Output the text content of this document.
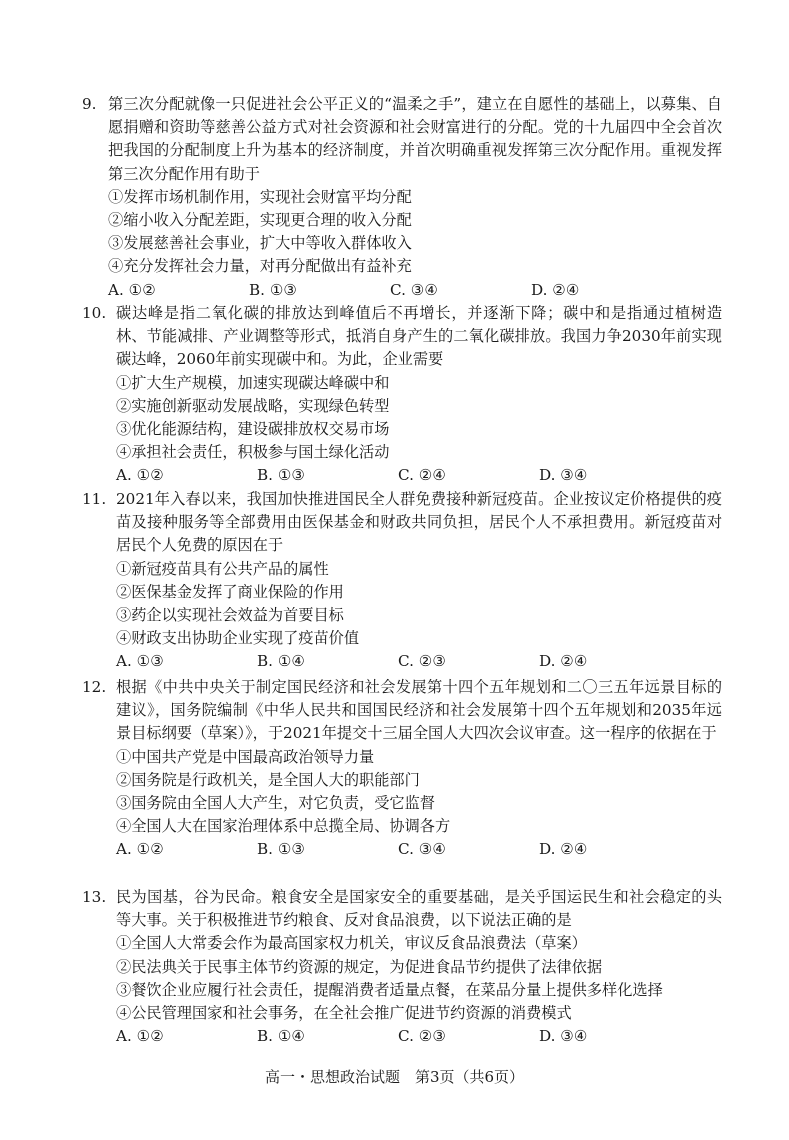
9. 第三次分配就像一只促进社会公平正义的“温柔之手”，建立在自愿性的基础上，以募集、自愿捐赠和资助等慈善公益方式对社会资源和社会财富进行的分配。党的十九届四中全会首次把我国的分配制度上升为基本的经济制度，并首次明确重视发挥第三次分配作用。重视发挥第三次分配作用有助于
①发挥市场机制作用，实现社会财富平均分配
②缩小收入分配差距，实现更合理的收入分配
③发展慈善社会事业，扩大中等收入群体收入
④充分发挥社会力量，对再分配做出有益补充
A. ①②	B. ①③	C. ③④	D. ②④
10. 碳达峰是指二氧化碳的排放达到峰值后不再增长，并逐渐下降；碳中和是指通过植树造林、节能减排、产业调整等形式，抵消自身产生的二氧化碳排放。我国力争2030年前实现碳达峰，2060年前实现碳中和。为此，企业需要
①扩大生产规模，加速实现碳达峰碳中和
②实施创新驱动发展战略，实现绿色转型
③优化能源结构，建设碳排放权交易市场
④承担社会责任，积极参与国土绿化活动
A. ①②	B. ①③	C. ②④	D. ③④
11. 2021年入春以来，我国加快推进国民全人群免费接种新冠疫苗。企业按议定价格提供的疫苗及接种服务等全部费用由医保基金和财政共同负担，居民个人不承担费用。新冠疫苗对居民个人免费的原因在于
①新冠疫苗具有公共产品的属性
②医保基金发挥了商业保险的作用
③药企以实现社会效益为首要目标
④财政支出协助企业实现了疫苗价值
A. ①③	B. ①④	C. ②③	D. ②④
12. 根据《中共中央关于制定国民经济和社会发展第十四个五年规划和二〇三五年远景目标的建议》，国务院编制《中华人民共和国国民经济和社会发展第十四个五年规划和2035年远景目标纲要（草案）》，于2021年提交十三届全国人大四次会议审查。这一程序的依据在于
①中国共产党是中国最高政治领导力量
②国务院是行政机关，是全国人大的职能部门
③国务院由全国人大产生，对它负责，受它监督
④全国人大在国家治理体系中总揽全局、协调各方
A. ①②	B. ①③	C. ③④	D. ②④
13. 民为国基，谷为民命。粮食安全是国家安全的重要基础，是关乎国运民生和社会稳定的头等大事。关于积极推进节约粮食、反对食品浪费，以下说法正确的是
①全国人大常委会作为最高国家权力机关，审议反食品浪费法（草案）
②民法典关于民事主体节约资源的规定，为促进食品节约提供了法律依据
③餐饮企业应履行社会责任，提醒消费者适量点餐，在菜品分量上提供多样化选择
④公民管理国家和社会事务，在全社会推广促进节约资源的消费模式
A. ①②	B. ①④	C. ②③	D. ③④
高一・思想政治试题　第3页（共6页）
